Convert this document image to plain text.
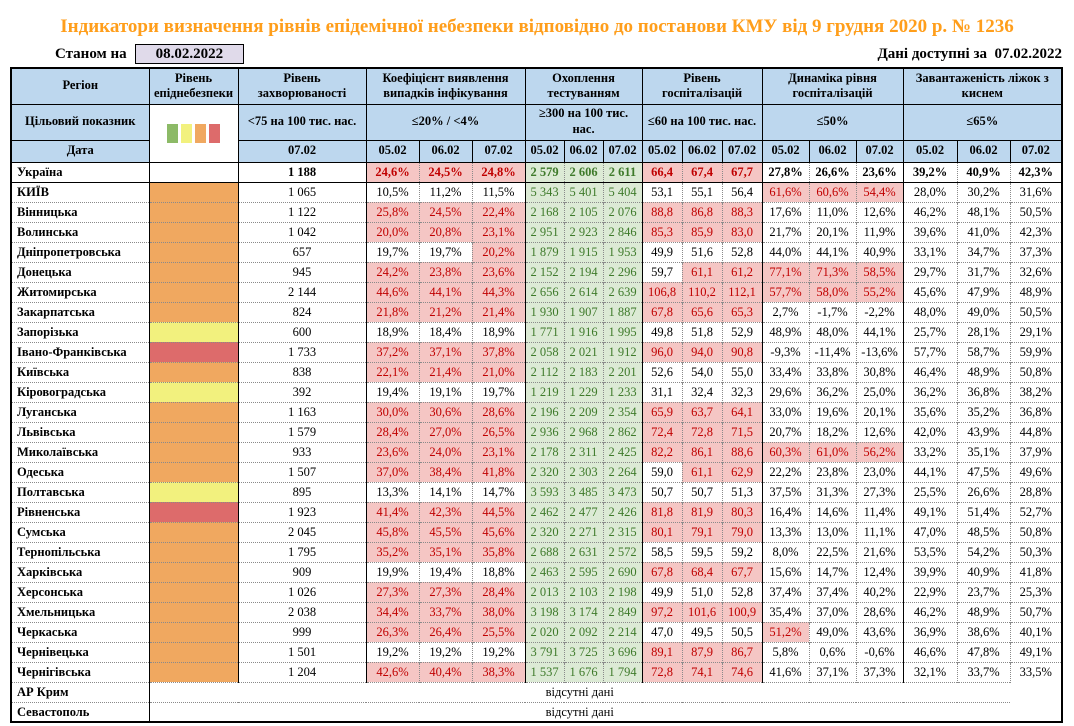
Індикатори визначення рівнів епідемічної небезпеки відповідно до постанови КМУ від 9 грудня 2020 р. № 1236
Станом на	08.02.2022	Дані доступні за 07.02.2022
Регіон	Рівень епіднебезпеки	Рівень захворюваності	Коефіцієнт виявлення випадків інфікування			Охоплення тестуванням			Рівень госпіталізацій			Динаміка рівня госпіталізацій			Завантаженість ліжок з киснем		
Цільовий показник		<75 на 100 тис. нас.	≤20% / <4%			≥300 на 100 тис. нас.			≤60 на 100 тис. нас.			≤50%			≤65%		
Дата		07.02	05.02	06.02	07.02	05.02	06.02	07.02	05.02	06.02	07.02	05.02	06.02	07.02	05.02	06.02	07.02
Україна		1 188	24,6%	24,5%	24,8%	2 579	2 606	2 611	66,4	67,4	67,7	27,8%	26,6%	23,6%	39,2%	40,9%	42,3%
КИЇВ		1 065	10,5%	11,2%	11,5%	5 343	5 401	5 404	53,1	55,1	56,4	61,6%	60,6%	54,4%	28,0%	30,2%	31,6%
Вінницька		1 122	25,8%	24,5%	22,4%	2 168	2 105	2 076	88,8	86,8	88,3	17,6%	11,0%	12,6%	46,2%	48,1%	50,5%
Волинська		1 042	20,0%	20,8%	23,1%	2 951	2 923	2 846	85,3	85,9	83,0	21,7%	20,1%	11,9%	39,6%	41,0%	42,3%
Дніпропетровська		657	19,7%	19,7%	20,2%	1 879	1 915	1 953	49,9	51,6	52,8	44,0%	44,1%	40,9%	33,1%	34,7%	37,3%
Донецька		945	24,2%	23,8%	23,6%	2 152	2 194	2 296	59,7	61,1	61,2	77,1%	71,3%	58,5%	29,7%	31,7%	32,6%
Житомирська		2 144	44,6%	44,1%	44,3%	2 656	2 614	2 639	106,8	110,2	112,1	57,7%	58,0%	55,2%	45,6%	47,9%	48,9%
Закарпатська		824	21,8%	21,2%	21,4%	1 930	1 907	1 887	67,8	65,6	65,3	2,7%	-1,7%	-2,2%	48,0%	49,0%	50,5%
Запорізька		600	18,9%	18,4%	18,9%	1 771	1 916	1 995	49,8	51,8	52,9	48,9%	48,0%	44,1%	25,7%	28,1%	29,1%
Івано-Франківська		1 733	37,2%	37,1%	37,8%	2 058	2 021	1 912	96,0	94,0	90,8	-9,3%	-11,4%	-13,6%	57,7%	58,7%	59,9%
Київська		838	22,1%	21,4%	21,0%	2 112	2 183	2 201	52,6	54,0	55,0	33,4%	33,8%	30,8%	46,4%	48,9%	50,8%
Кіровоградська		392	19,4%	19,1%	19,7%	1 219	1 229	1 233	31,1	32,4	32,3	29,6%	36,2%	25,0%	36,2%	36,8%	38,2%
Луганська		1 163	30,0%	30,6%	28,6%	2 196	2 209	2 354	65,9	63,7	64,1	33,0%	19,6%	20,1%	35,6%	35,2%	36,8%
Львівська		1 579	28,4%	27,0%	26,5%	2 936	2 968	2 862	72,4	72,8	71,5	20,7%	18,2%	12,6%	42,0%	43,9%	44,8%
Миколаївська		933	23,6%	24,0%	23,1%	2 178	2 311	2 425	82,2	86,1	88,6	60,3%	61,0%	56,2%	33,2%	35,1%	37,9%
Одеська		1 507	37,0%	38,4%	41,8%	2 320	2 303	2 264	59,0	61,1	62,9	22,2%	23,8%	23,0%	44,1%	47,5%	49,6%
Полтавська		895	13,3%	14,1%	14,7%	3 593	3 485	3 473	50,7	50,7	51,3	37,5%	31,3%	27,3%	25,5%	26,6%	28,8%
Рівненська		1 923	41,4%	42,3%	44,5%	2 462	2 477	2 426	81,8	81,9	80,3	16,4%	14,6%	11,4%	49,1%	51,4%	52,7%
Сумська		2 045	45,8%	45,5%	45,6%	2 320	2 271	2 315	80,1	79,1	79,0	13,3%	13,0%	11,1%	47,0%	48,5%	50,8%
Тернопільська		1 795	35,2%	35,1%	35,8%	2 688	2 631	2 572	58,5	59,5	59,2	8,0%	22,5%	21,6%	53,5%	54,2%	50,3%
Харківська		909	19,9%	19,4%	18,8%	2 463	2 595	2 690	67,8	68,4	67,7	15,6%	14,7%	12,4%	39,9%	40,9%	41,8%
Херсонська		1 026	27,3%	27,3%	28,4%	2 013	2 103	2 198	49,9	51,0	52,8	37,4%	37,4%	40,2%	22,9%	23,7%	25,3%
Хмельницька		2 038	34,4%	33,7%	38,0%	3 198	3 174	2 849	97,2	101,6	100,9	35,4%	37,0%	28,6%	46,2%	48,9%	50,7%
Черкаська		999	26,3%	26,4%	25,5%	2 020	2 092	2 214	47,0	49,5	50,5	51,2%	49,0%	43,6%	36,9%	38,6%	40,1%
Чернівецька		1 501	19,2%	19,2%	19,2%	3 791	3 725	3 696	89,1	87,9	86,7	5,8%	0,6%	-0,6%	46,6%	47,8%	49,1%
Чернігівська		1 204	42,6%	40,4%	38,3%	1 537	1 676	1 794	72,8	74,1	74,6	41,6%	37,1%	37,3%	32,1%	33,7%	33,5%
АР Крим	відсутні дані																
Севастополь	відсутні дані																
